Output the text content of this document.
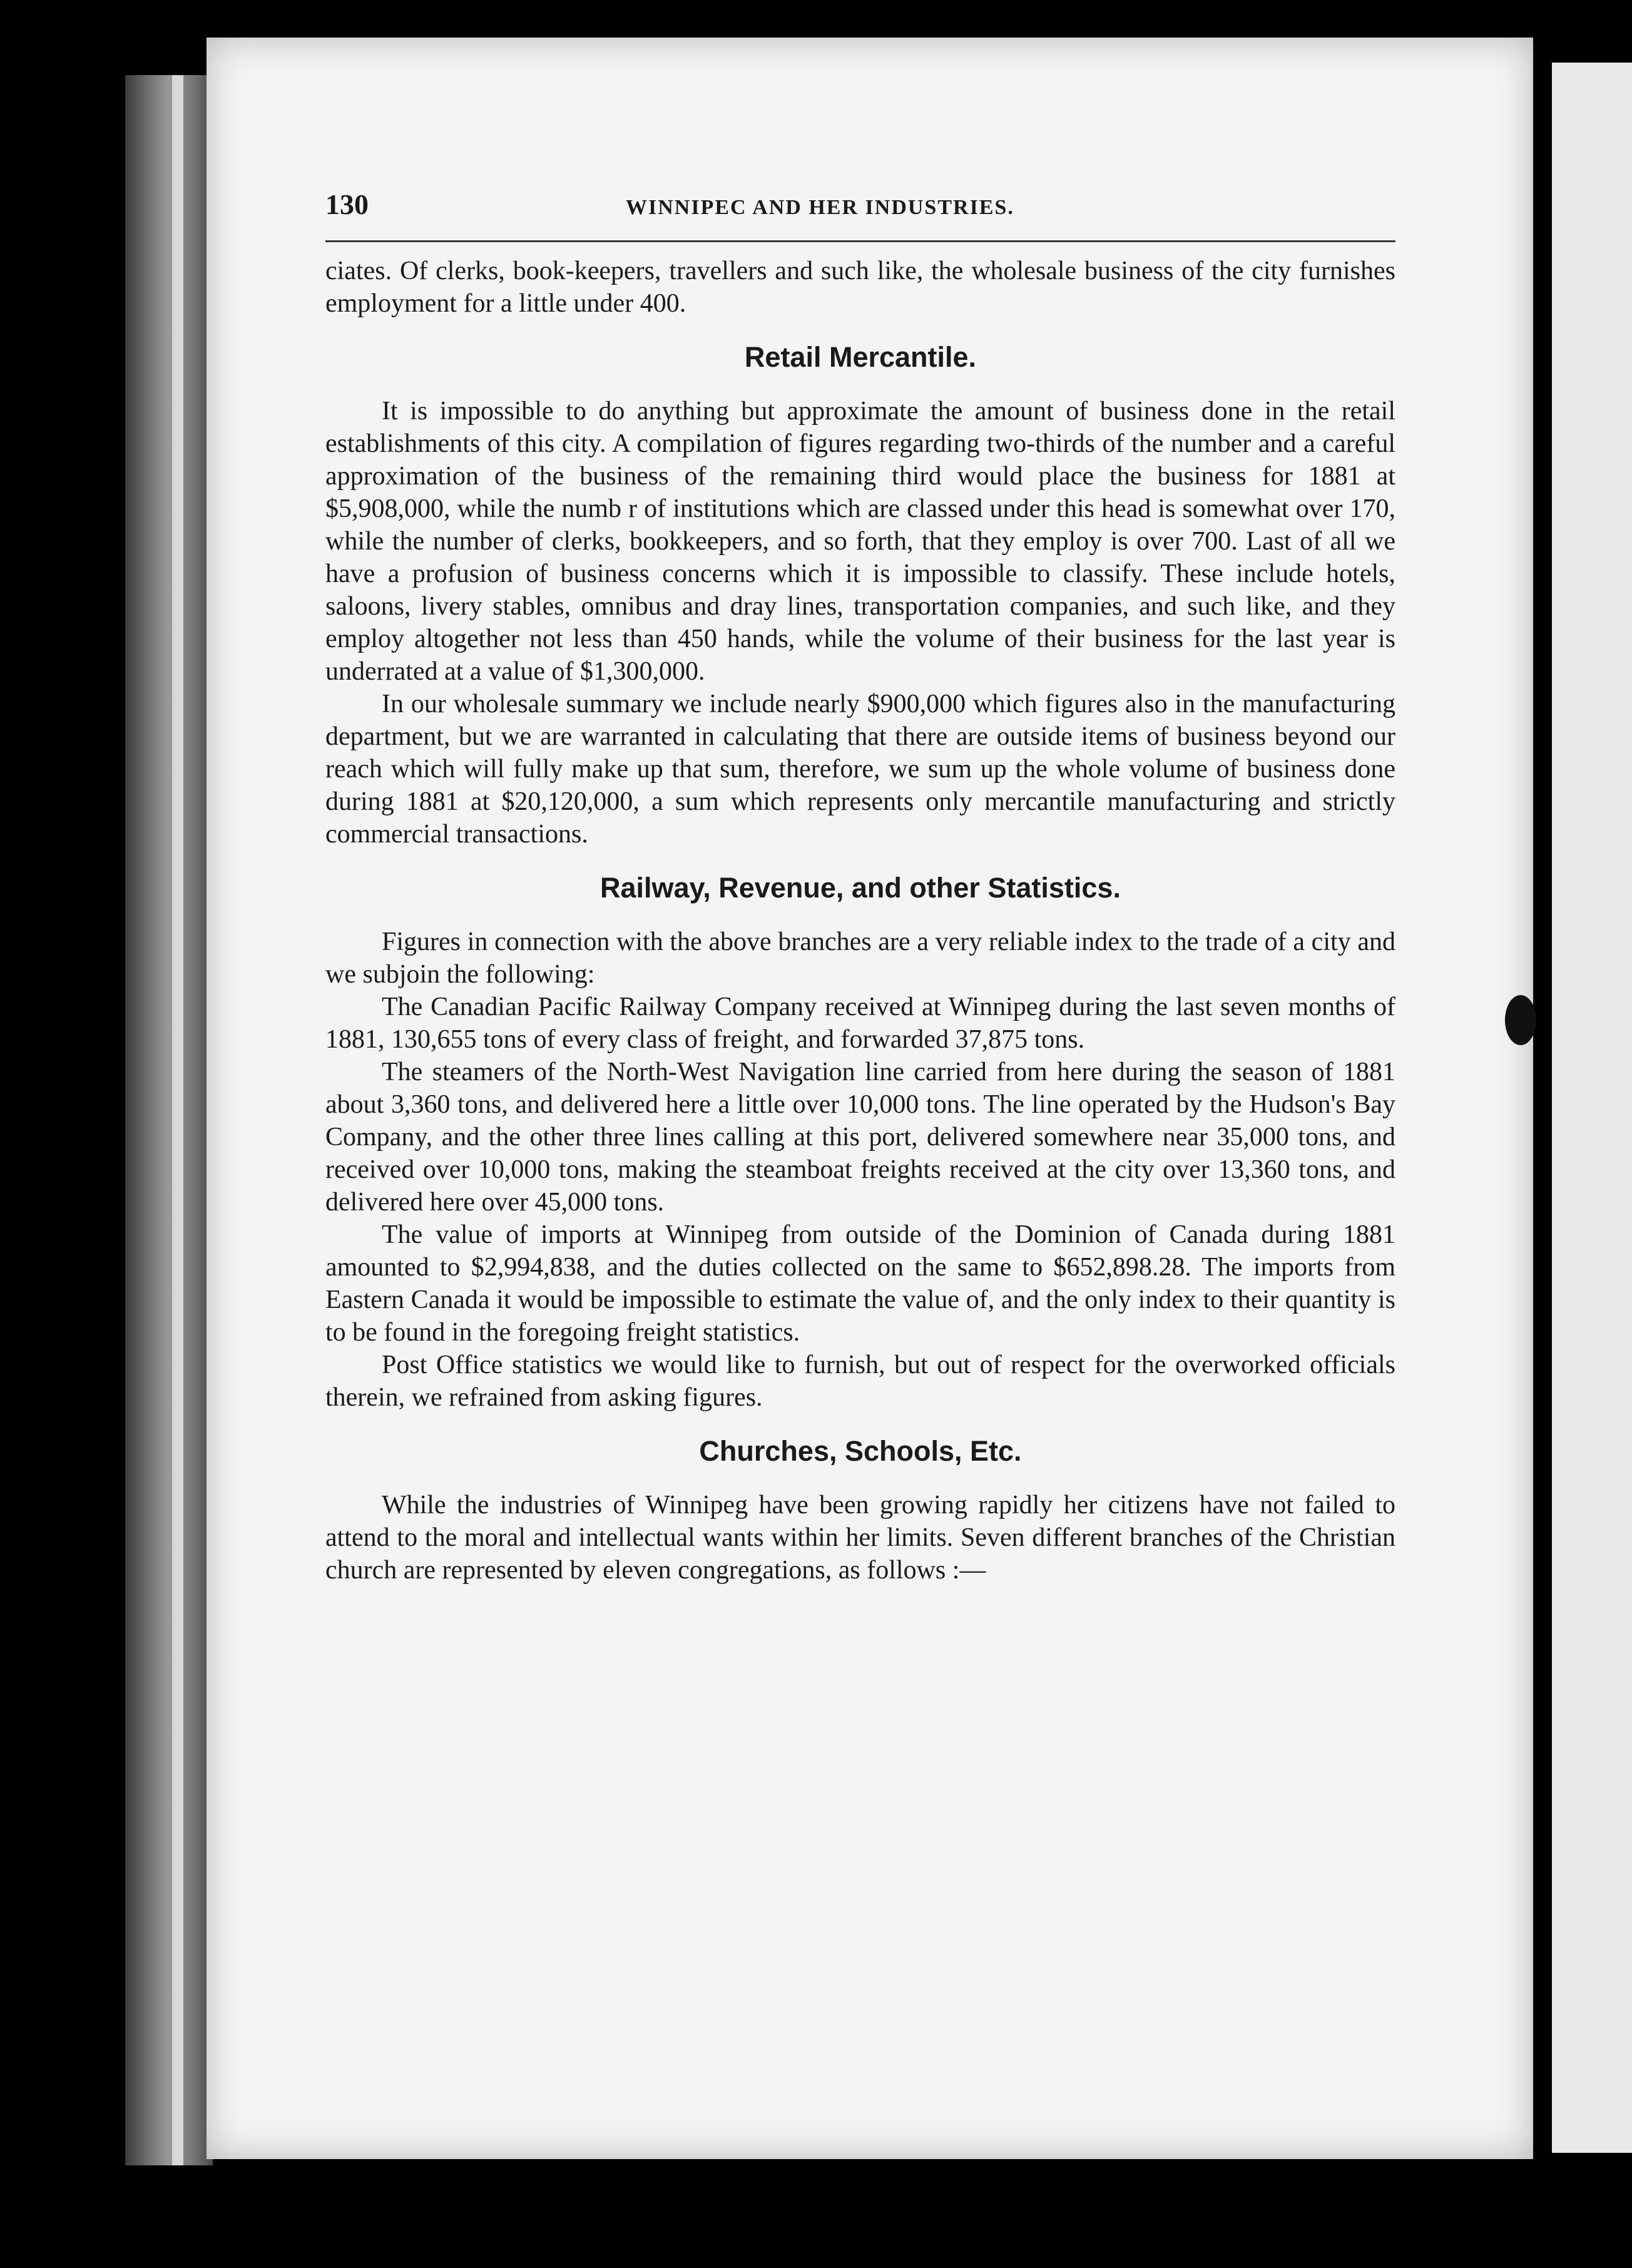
130	WINNIPEC AND HER INDUSTRIES.

ciates. Of clerks, book-keepers, travellers and such like, the wholesale business of the city furnishes employment for a little under 400.

Retail Mercantile.

It is impossible to do anything but approximate the amount of business done in the retail establishments of this city. A compilation of figures regarding two-thirds of the number and a careful approximation of the business of the remaining third would place the business for 1881 at $5,908,000, while the numb r of institutions which are classed under this head is somewhat over 170, while the number of clerks, bookkeepers, and so forth, that they employ is over 700. Last of all we have a profusion of business concerns which it is impossible to classify. These include hotels, saloons, livery stables, omnibus and dray lines, transportation companies, and such like, and they employ altogether not less than 450 hands, while the volume of their business for the last year is underrated at a value of $1,300,000.

In our wholesale summary we include nearly $900,000 which figures also in the manufacturing department, but we are warranted in calculating that there are outside items of business beyond our reach which will fully make up that sum, therefore, we sum up the whole volume of business done during 1881 at $20,120,000, a sum which represents only mercantile manufacturing and strictly commercial transactions.

Railway, Revenue, and other Statistics.

Figures in connection with the above branches are a very reliable index to the trade of a city and we subjoin the following:

The Canadian Pacific Railway Company received at Winnipeg during the last seven months of 1881, 130,655 tons of every class of freight, and forwarded 37,875 tons.

The steamers of the North-West Navigation line carried from here during the season of 1881 about 3,360 tons, and delivered here a little over 10,000 tons. The line operated by the Hudson's Bay Company, and the other three lines calling at this port, delivered somewhere near 35,000 tons, and received over 10,000 tons, making the steamboat freights received at the city over 13,360 tons, and delivered here over 45,000 tons.

The value of imports at Winnipeg from outside of the Dominion of Canada during 1881 amounted to $2,994,838, and the duties collected on the same to $652,898.28. The imports from Eastern Canada it would be impossible to estimate the value of, and the only index to their quantity is to be found in the foregoing freight statistics.

Post Office statistics we would like to furnish, but out of respect for the overworked officials therein, we refrained from asking figures.

Churches, Schools, Etc.

While the industries of Winnipeg have been growing rapidly her citizens have not failed to attend to the moral and intellectual wants within her limits. Seven different branches of the Christian church are represented by eleven congregations, as follows :—
